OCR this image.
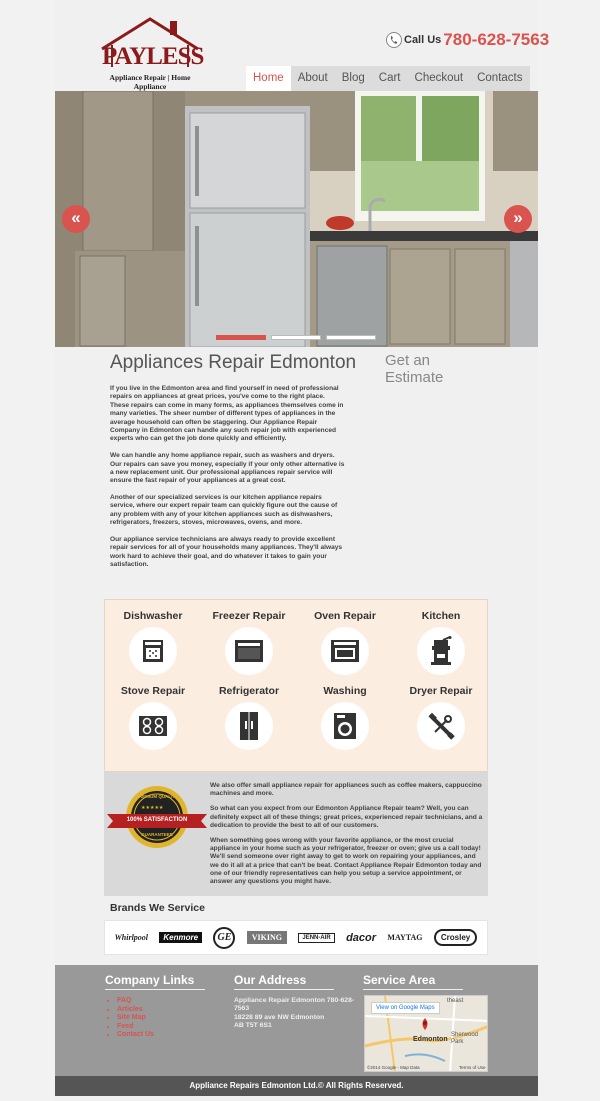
PAYLESS
Appliance Repair | Home Appliance
Call Us 780-628-7563
Home	About	Blog	Cart	Checkout	Contacts
«	»
Appliances Repair Edmonton Get an Estimate

If you live in the Edmonton area and find yourself in need of professional repairs on appliances at great prices, you've come to the right place. These repairs can come in many forms, as appliances themselves come in many varieties. The sheer number of different types of appliances in the average household can often be staggering. Our Appliance Repair Company in Edmonton can handle any such repair job with experienced experts who can get the job done quickly and efficiently.

We can handle any home appliance repair, such as washers and dryers. Our repairs can save you money, especially if your only other alternative is a new replacement unit. Our professional appliances repair service will ensure the fast repair of your appliances at a great cost.

Another of our specialized services is our kitchen appliance repairs service, where our expert repair team can quickly figure out the cause of any problem with any of your kitchen appliances such as dishwashers, refrigerators, freezers, stoves, microwaves, ovens, and more.

Our appliance service technicians are always ready to provide excellent repair services for all of your households many appliances. They'll always work hard to achieve their goal, and do whatever it takes to gain your satisfaction.

Dishwasher	Freezer Repair	Oven Repair	Kitchen
Stove Repair	Refrigerator	Washing	Dryer Repair
★★★★★
PREMIUM QUALITY
100% SATISFACTION
GUARANTEED

We also offer small appliance repair for appliances such as coffee makers, cappuccino machines and more.

So what can you expect from our Edmonton Appliance Repair team? Well, you can definitely expect all of these things; great prices, experienced repair technicians, and a dedication to provide the best to all of our customers.

When something goes wrong with your favorite appliance, or the most crucial appliance in your home such as your refrigerator, freezer or oven; give us a call today! We'll send someone over right away to get to work on repairing your appliances, and we do it all at a price that can't be beat. Contact Appliance Repair Edmonton today and one of our friendly representatives can help you setup a service appointment, or answer any questions you might have.

Brands We Service
Whirlpool	Kenmore	GE	VIKING	JENN-AIR	dacor MAYTAG	Crosley
Company Links
• FAQ
• Articles
• Site Map
• Feed
• Contact Us
Our Address
Appliance Repair Edmonton 780-628-7563
18228 89 ave NW Edmonton
AB T5T 6S1
Service Area
View on Google Maps
theast
Edmonton
Sherwood Park
©2014 Google - Map Data	Terms of Use
Appliance Repairs Edmonton Ltd.© All Rights Reserved.
